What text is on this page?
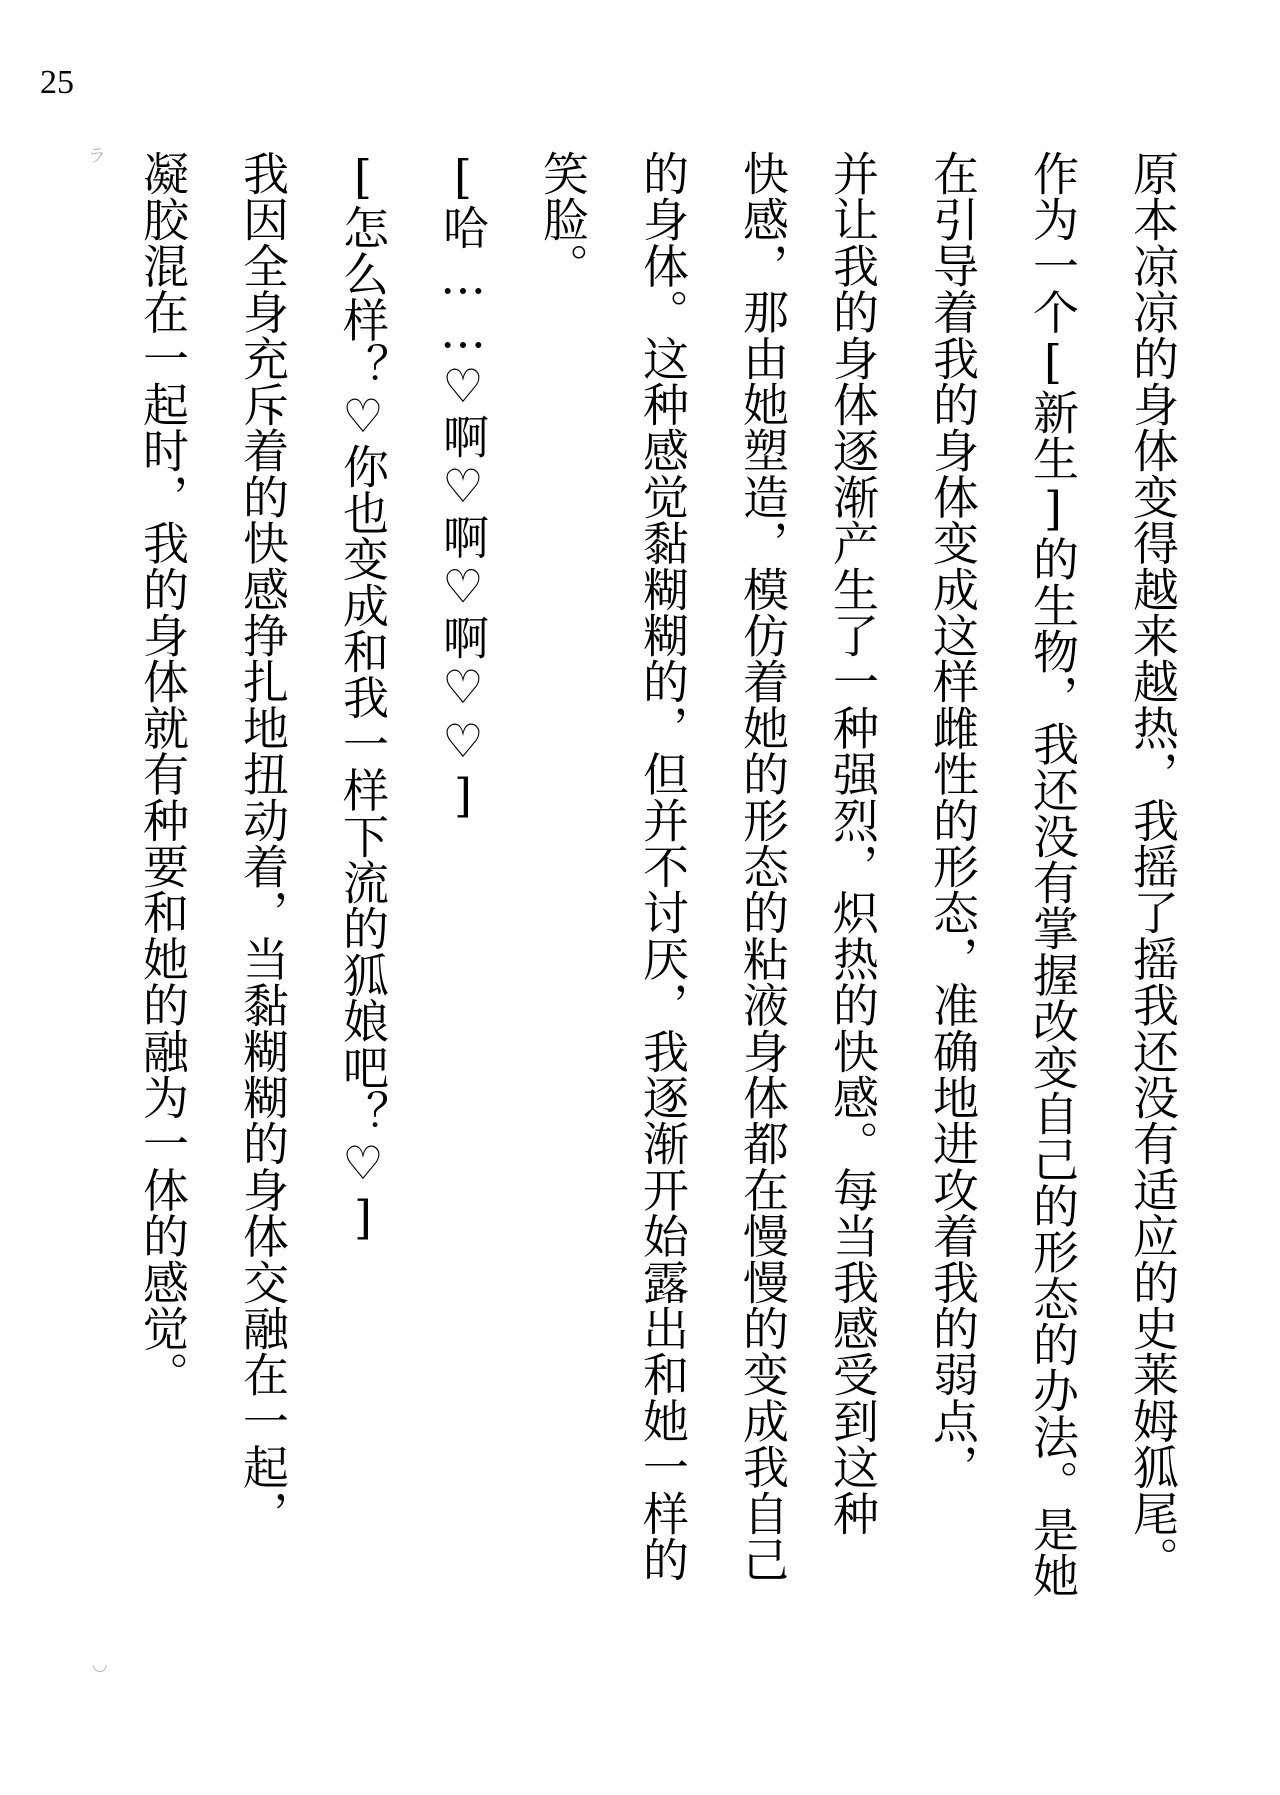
25
ラ
◡
原本凉凉的身体变得越来越热，我摇了摇我还没有适应的史莱姆狐尾。
作为一个[新生]的生物，我还没有掌握改变自己的形态的办法。是她
在引导着我的身体变成这样雌性的形态，准确地进攻着我的弱点，
并让我的身体逐渐产生了一种强烈，炽热的快感。每当我感受到这种
快感，那由她塑造，模仿着她的形态的粘液身体都在慢慢的变成我自己
的身体。这种感觉黏糊糊的，但并不讨厌，我逐渐开始露出和她一样的
笑脸。
[哈……♡啊♡啊♡啊♡♡]
[怎么样？♡你也变成和我一样下流的狐娘吧？♡]
我因全身充斥着的快感挣扎地扭动着，当黏糊糊的身体交融在一起，
凝胶混在一起时，我的身体就有种要和她的融为一体的感觉。
